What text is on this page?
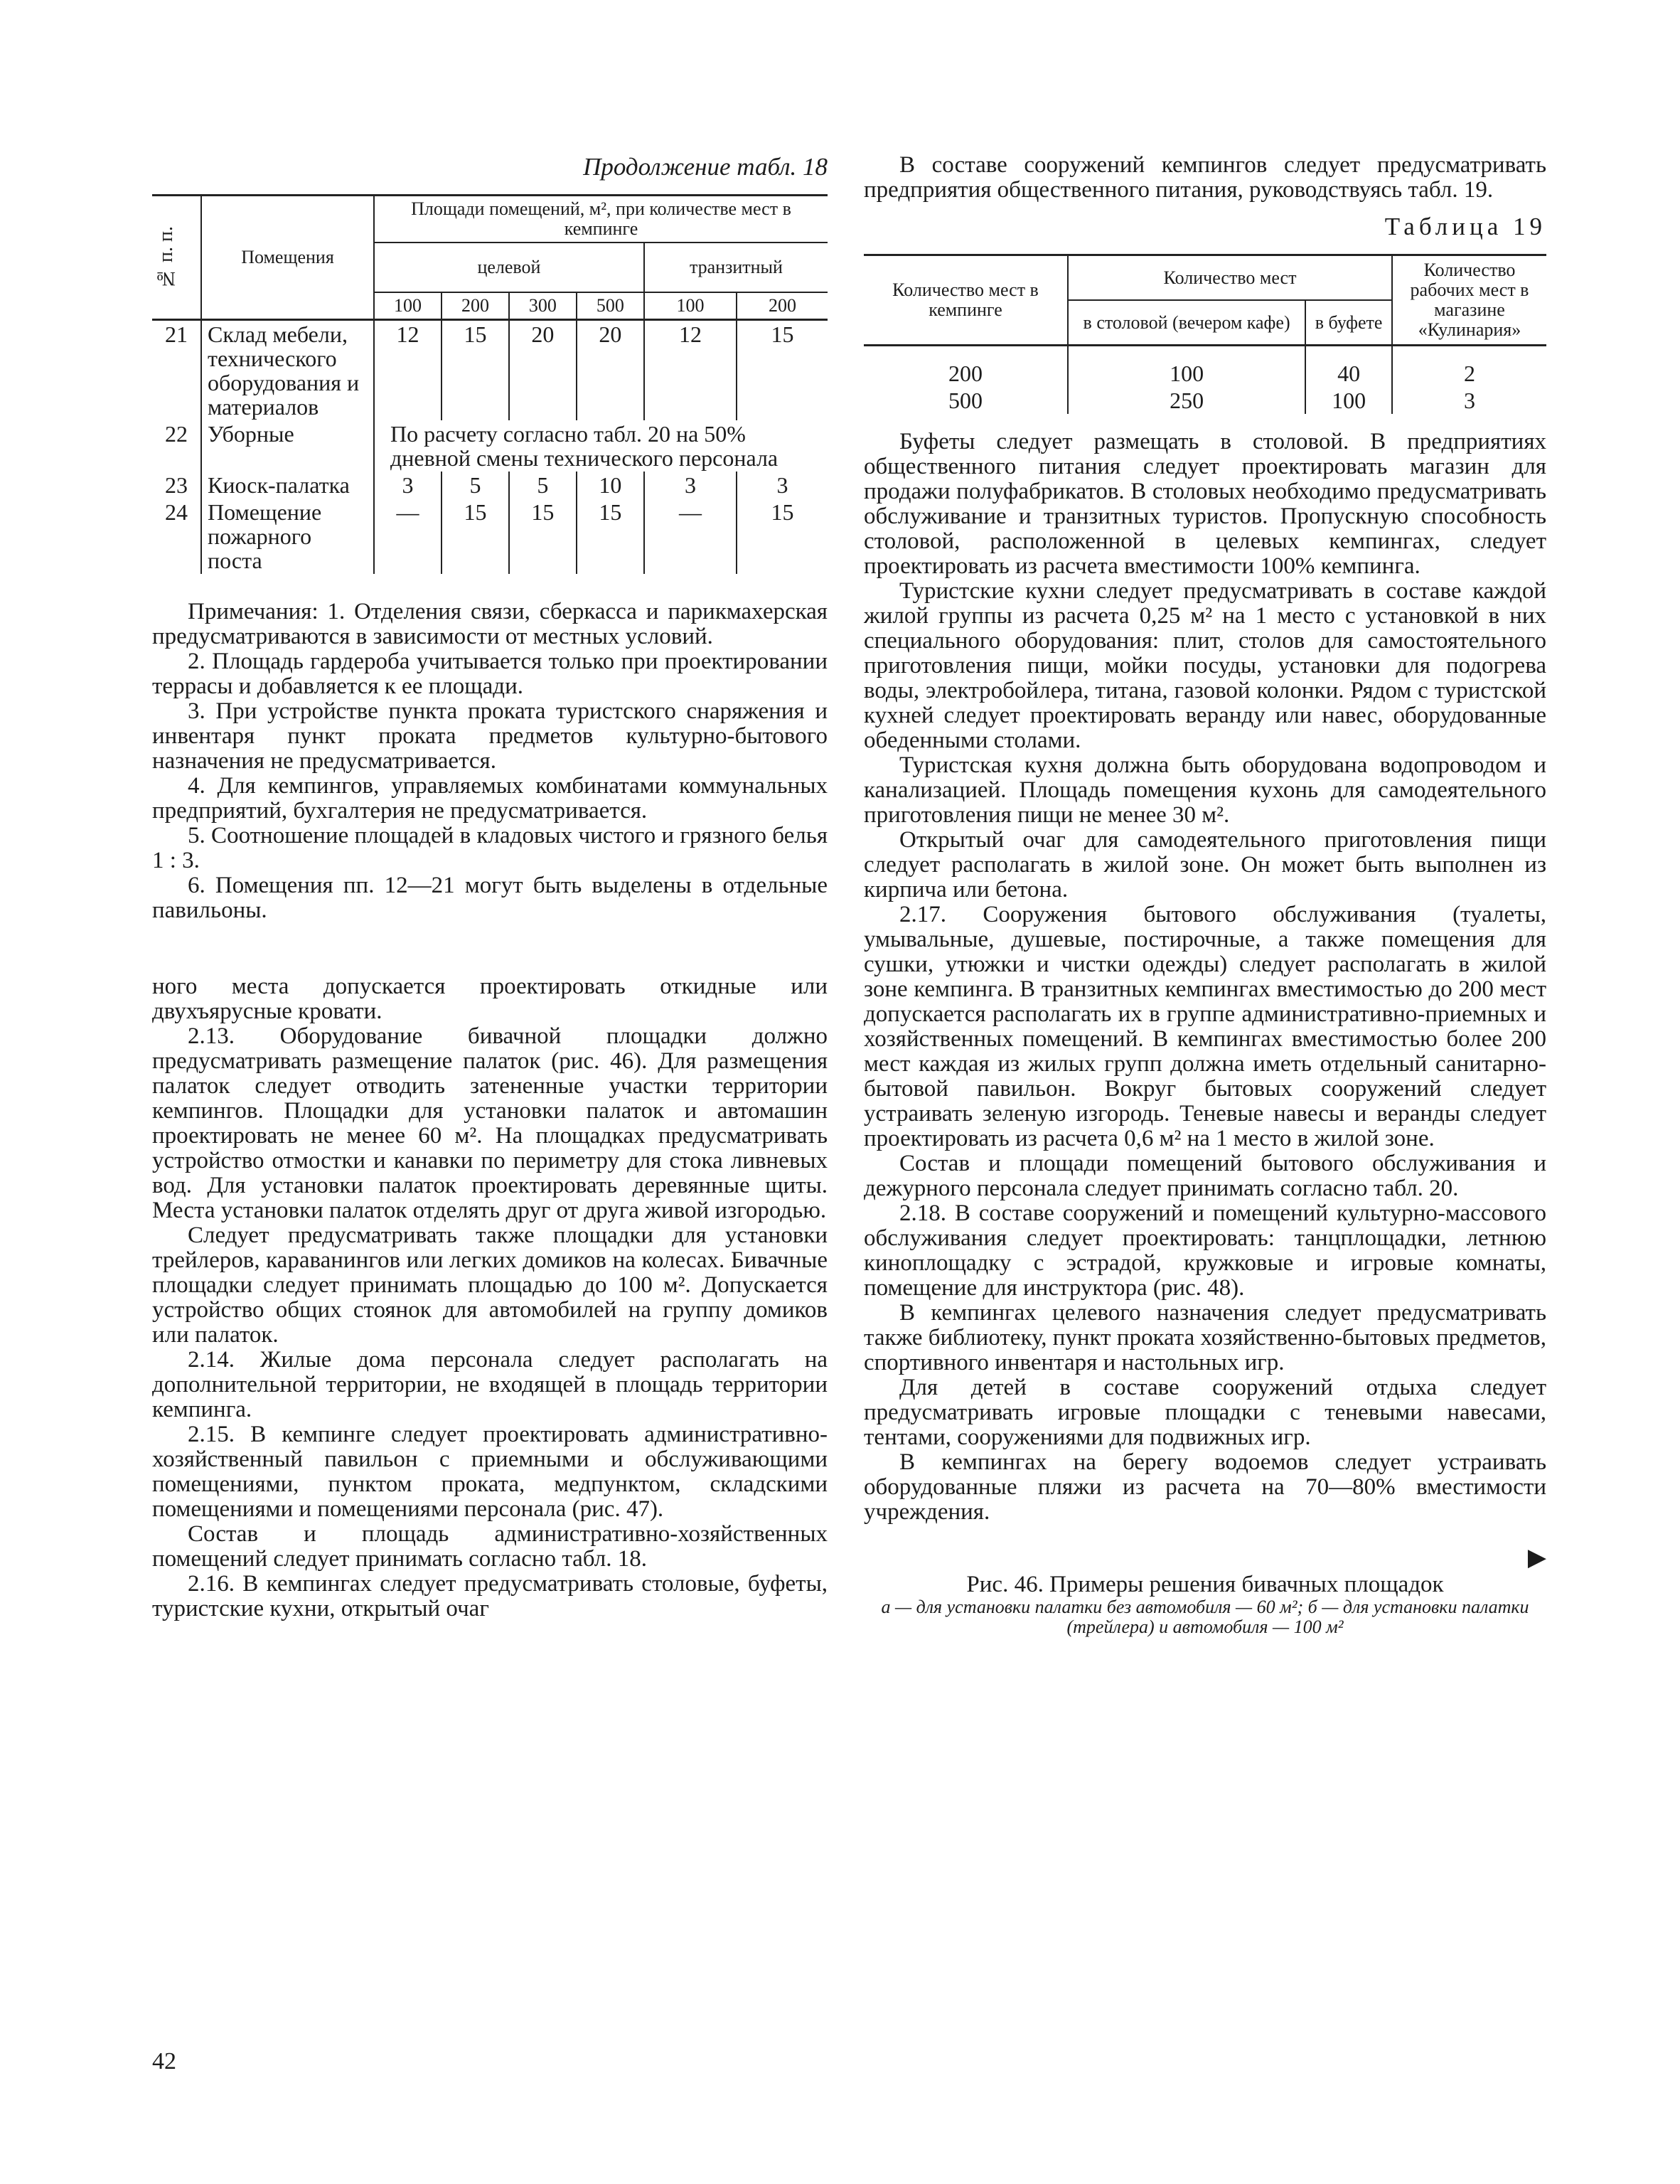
Продолжение табл. 18
№ п. п.	Помещения	Площади помещений, м², при количестве мест в кемпинге					
		целевой				транзитный	
		100	200	300	500	100	200
21	Склад мебели, технического оборудования и материалов	12	15	20	20	12	15
22	Уборные	По расчету согласно табл. 20 на 50% дневной смены технического персонала					
23	Киоск-палатка	3	5	5	10	3	3
24	Помещение пожарного поста	—	15	15	15	—	15

Примечания: 1. Отделения связи, сберкасса и парикмахерская предусматриваются в зависимости от местных условий.

2. Площадь гардероба учитывается только при проектировании террасы и добавляется к ее площади.

3. При устройстве пункта проката туристского снаряжения и инвентаря пункт проката предметов культурно-бытового назначения не предусматривается.

4. Для кемпингов, управляемых комбинатами коммунальных предприятий, бухгалтерия не предусматривается.

5. Соотношение площадей в кладовых чистого и грязного белья 1 : 3.

6. Помещения пп. 12—21 могут быть выделены в отдельные павильоны.

ного места допускается проектировать откидные или двухъярусные кровати.

2.13. Оборудование бивачной площадки должно предусматривать размещение палаток (рис. 46). Для размещения палаток следует отводить затененные участки территории кемпингов. Площадки для установки палаток и автомашин проектировать не менее 60 м². На площадках предусматривать устройство отмостки и канавки по периметру для стока ливневых вод. Для установки палаток проектировать деревянные щиты. Места установки палаток отделять друг от друга живой изгородью.

Следует предусматривать также площадки для установки трейлеров, караванингов или легких домиков на колесах. Бивачные площадки следует принимать площадью до 100 м². Допускается устройство общих стоянок для автомобилей на группу домиков или палаток.

2.14. Жилые дома персонала следует располагать на дополнительной территории, не входящей в площадь территории кемпинга.

2.15. В кемпинге следует проектировать административно-хозяйственный павильон с приемными и обслуживающими помещениями, пунктом проката, медпунктом, складскими помещениями и помещениями персонала (рис. 47).

Состав и площадь административно-хозяйственных помещений следует принимать согласно табл. 18.

2.16. В кемпингах следует предусматривать столовые, буфеты, туристские кухни, открытый очаг

В составе сооружений кемпингов следует предусматривать предприятия общественного питания, руководствуясь табл. 19.

Таблица 19
Количество мест в кемпинге	Количество мест		Количество рабочих мест в магазине «Кулинария»
	в столовой (вечером кафе)	в буфете	

200	100	40	2
500	250	100	3

Буфеты следует размещать в столовой. В предприятиях общественного питания следует проектировать магазин для продажи полуфабрикатов. В столовых необходимо предусматривать обслуживание и транзитных туристов. Пропускную способность столовой, расположенной в целевых кемпингах, следует проектировать из расчета вместимости 100% кемпинга.

Туристские кухни следует предусматривать в составе каждой жилой группы из расчета 0,25 м² на 1 место с установкой в них специального оборудования: плит, столов для самостоятельного приготовления пищи, мойки посуды, установки для подогрева воды, электробойлера, титана, газовой колонки. Рядом с туристской кухней следует проектировать веранду или навес, оборудованные обеденными столами.

Туристская кухня должна быть оборудована водопроводом и канализацией. Площадь помещения кухонь для самодеятельного приготовления пищи не менее 30 м².

Открытый очаг для самодеятельного приготовления пищи следует располагать в жилой зоне. Он может быть выполнен из кирпича или бетона.

2.17. Сооружения бытового обслуживания (туалеты, умывальные, душевые, постирочные, а также помещения для сушки, утюжки и чистки одежды) следует располагать в жилой зоне кемпинга. В транзитных кемпингах вместимостью до 200 мест допускается располагать их в группе административно-приемных и хозяйственных помещений. В кемпингах вместимостью более 200 мест каждая из жилых групп должна иметь отдельный санитарно-бытовой павильон. Вокруг бытовых сооружений следует устраивать зеленую изгородь. Теневые навесы и веранды следует проектировать из расчета 0,6 м² на 1 место в жилой зоне.

Состав и площади помещений бытового обслуживания и дежурного персонала следует принимать согласно табл. 20.

2.18. В составе сооружений и помещений культурно-массового обслуживания следует проектировать: танцплощадки, летнюю киноплощадку с эстрадой, кружковые и игровые комнаты, помещение для инструктора (рис. 48).

В кемпингах целевого назначения следует предусматривать также библиотеку, пункт проката хозяйственно-бытовых предметов, спортивного инвентаря и настольных игр.

Для детей в составе сооружений отдыха следует предусматривать игровые площадки с теневыми навесами, тентами, сооружениями для подвижных игр.

В кемпингах на берегу водоемов следует устраивать оборудованные пляжи из расчета на 70—80% вместимости учреждения.

▶
Рис. 46. Примеры решения бивачных площадок
а — для установки палатки без автомобиля — 60 м²; б — для установки палатки (трейлера) и автомобиля — 100 м²
42
